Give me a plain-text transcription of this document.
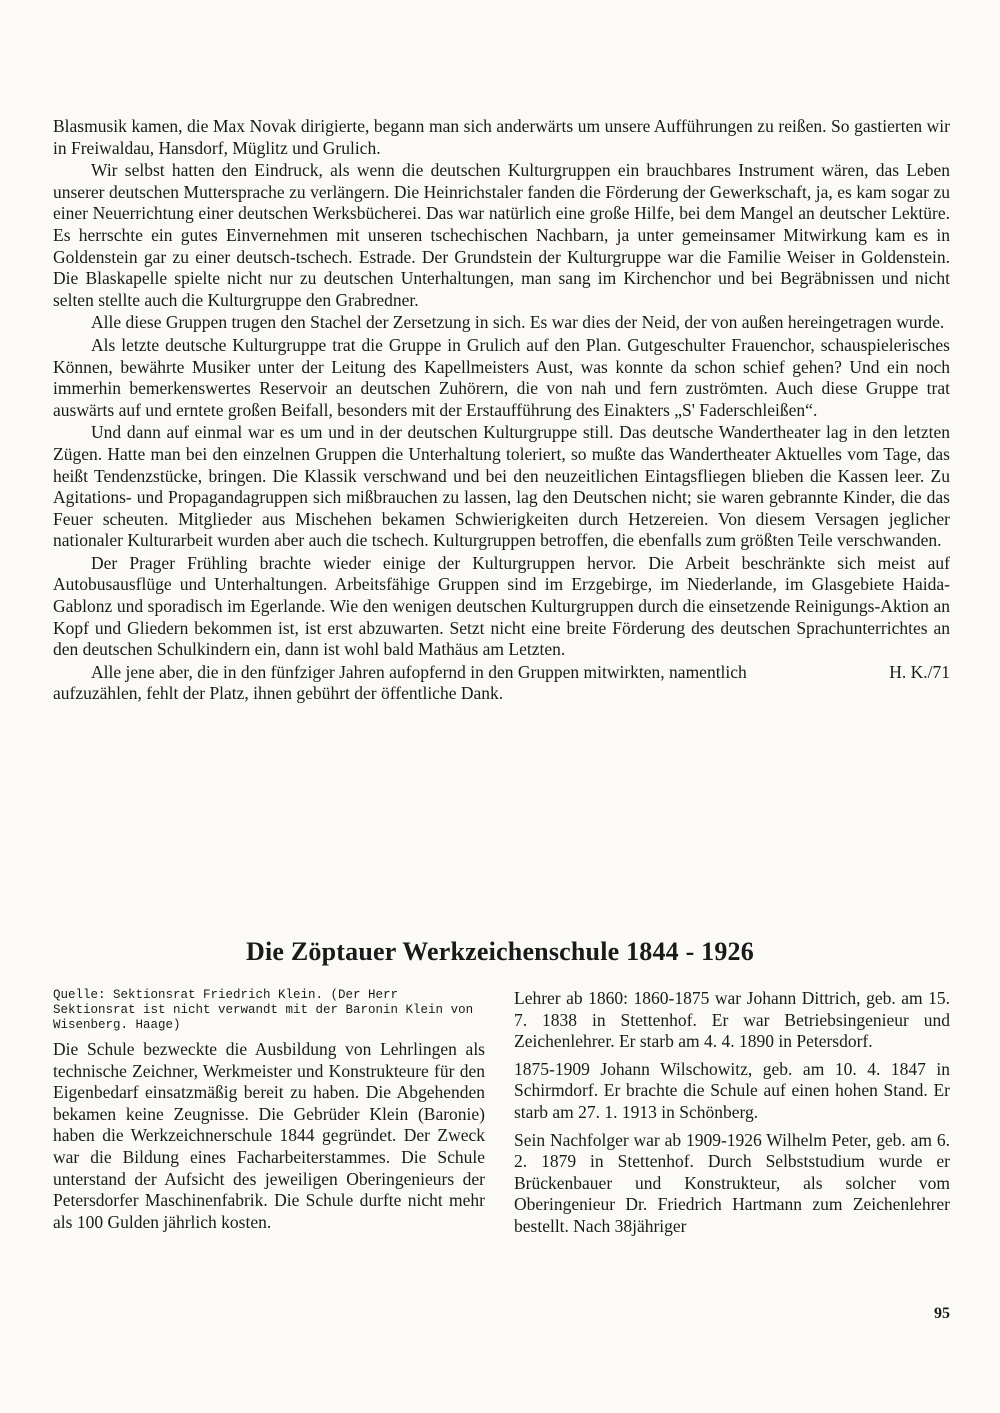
Blasmusik kamen, die Max Novak dirigierte, begann man sich anderwärts um unsere Aufführungen zu reißen. So gastierten wir in Freiwaldau, Hansdorf, Müglitz und Grulich.

Wir selbst hatten den Eindruck, als wenn die deutschen Kulturgruppen ein brauchbares Instrument wären, das Leben unserer deutschen Muttersprache zu verlängern. Die Heinrichstaler fanden die Förderung der Gewerkschaft, ja, es kam sogar zu einer Neuerrichtung einer deutschen Werksbücherei. Das war natürlich eine große Hilfe, bei dem Mangel an deutscher Lektüre. Es herrschte ein gutes Einvernehmen mit unseren tschechischen Nachbarn, ja unter gemeinsamer Mitwirkung kam es in Goldenstein gar zu einer deutsch-tschech. Estrade. Der Grundstein der Kulturgruppe war die Familie Weiser in Goldenstein. Die Blaskapelle spielte nicht nur zu deutschen Unterhaltungen, man sang im Kirchenchor und bei Begräbnissen und nicht selten stellte auch die Kulturgruppe den Grabredner.

Alle diese Gruppen trugen den Stachel der Zersetzung in sich. Es war dies der Neid, der von außen hereingetragen wurde.

Als letzte deutsche Kulturgruppe trat die Gruppe in Grulich auf den Plan. Gutgeschulter Frauenchor, schauspielerisches Können, bewährte Musiker unter der Leitung des Kapellmeisters Aust, was konnte da schon schief gehen? Und ein noch immerhin bemerkenswertes Reservoir an deutschen Zuhörern, die von nah und fern zuströmten. Auch diese Gruppe trat auswärts auf und erntete großen Beifall, besonders mit der Erstaufführung des Einakters „S' Faderschleißen“.

Und dann auf einmal war es um und in der deutschen Kulturgruppe still. Das deutsche Wandertheater lag in den letzten Zügen. Hatte man bei den einzelnen Gruppen die Unterhaltung toleriert, so mußte das Wandertheater Aktuelles vom Tage, das heißt Tendenzstücke, bringen. Die Klassik verschwand und bei den neuzeitlichen Eintagsfliegen blieben die Kassen leer. Zu Agitations- und Propagandagruppen sich mißbrauchen zu lassen, lag den Deutschen nicht; sie waren gebrannte Kinder, die das Feuer scheuten. Mitglieder aus Mischehen bekamen Schwierigkeiten durch Hetzereien. Von diesem Versagen jeglicher nationaler Kulturarbeit wurden aber auch die tschech. Kulturgruppen betroffen, die ebenfalls zum größten Teile verschwanden.

Der Prager Frühling brachte wieder einige der Kulturgruppen hervor. Die Arbeit beschränkte sich meist auf Autobusausflüge und Unterhaltungen. Arbeitsfähige Gruppen sind im Erzgebirge, im Niederlande, im Glasgebiete Haida-Gablonz und sporadisch im Egerlande. Wie den wenigen deutschen Kulturgruppen durch die einsetzende Reinigungs-Aktion an Kopf und Gliedern bekommen ist, ist erst abzuwarten. Setzt nicht eine breite Förderung des deutschen Sprachunterrichtes an den deutschen Schulkindern ein, dann ist wohl bald Mathäus am Letzten.

Alle jene aber, die in den fünfziger Jahren aufopfernd in den Gruppen mitwirkten, namentlich aufzuzählen, fehlt der Platz, ihnen gebührt der öffentliche Dank.
H. K./71

Die Zöptauer Werkzeichenschule 1844 - 1926

Quelle: Sektionsrat Friedrich Klein. (Der Herr Sektionsrat ist nicht verwandt mit der Baronin Klein von Wisenberg. Haage)

Die Schule bezweckte die Ausbildung von Lehrlingen als technische Zeichner, Werkmeister und Konstrukteure für den Eigenbedarf einsatzmäßig bereit zu haben. Die Abgehenden bekamen keine Zeugnisse. Die Gebrüder Klein (Baronie) haben die Werkzeichnerschule 1844 gegründet. Der Zweck war die Bildung eines Facharbeiterstammes. Die Schule unterstand der Aufsicht des jeweiligen Oberingenieurs der Petersdorfer Maschinenfabrik. Die Schule durfte nicht mehr als 100 Gulden jährlich kosten.

Lehrer ab 1860: 1860-1875 war Johann Dittrich, geb. am 15. 7. 1838 in Stettenhof. Er war Betriebsingenieur und Zeichenlehrer. Er starb am 4. 4. 1890 in Petersdorf.

1875-1909 Johann Wilschowitz, geb. am 10. 4. 1847 in Schirmdorf. Er brachte die Schule auf einen hohen Stand. Er starb am 27. 1. 1913 in Schönberg.

Sein Nachfolger war ab 1909-1926 Wilhelm Peter, geb. am 6. 2. 1879 in Stettenhof. Durch Selbststudium wurde er Brückenbauer und Konstrukteur, als solcher vom Oberingenieur Dr. Friedrich Hartmann zum Zeichenlehrer bestellt. Nach 38jähriger

95
